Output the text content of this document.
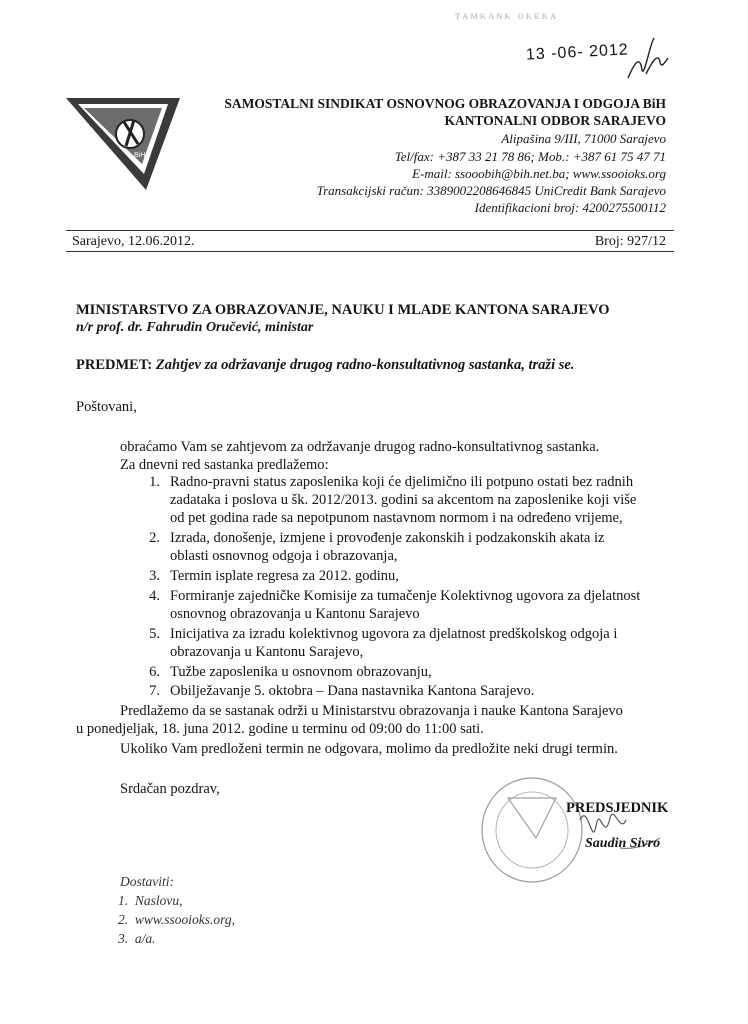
ᴛᴀᴍᴋᴀɴᴋ ᴏᴋᴇᴋᴀ
13 -06- 2012
BiH
SAMOSTALNI SINDIKAT OSNOVNOG OBRAZOVANJA I ODGOJA BiH
KANTONALNI ODBOR SARAJEVO
Alipašina 9/III, 71000 Sarajevo
Tel/fax: +387 33 21 78 86; Mob.: +387 61 75 47 71
E-mail: ssooobih@bih.net.ba; www.ssooioks.org
Transakcijski račun: 3389002208646845 UniCredit Bank Sarajevo
Identifikacioni broj: 4200275500112
Sarajevo, 12.06.2012.	Broj: 927/12
MINISTARSTVO ZA OBRAZOVANJE, NAUKU I MLADE KANTONA SARAJEVO
n/r prof. dr. Fahrudin Oručević, ministar
PREDMET: Zahtjev za održavanje drugog radno-konsultativnog sastanka, traži se.
Poštovani,
obraćamo Vam se zahtjevom za održavanje drugog radno-konsultativnog sastanka.
Za dnevni red sastanka predlažemo:
1. Radno-pravni status zaposlenika koji će djelimično ili potpuno ostati bez radnih
zadataka i poslova u šk. 2012/2013. godini sa akcentom na zaposlenike koji više
od pet godina rade sa nepotpunom nastavnom normom i na određeno vrijeme,
2. Izrada, donošenje, izmjene i provođenje zakonskih i podzakonskih akata iz
oblasti osnovnog odgoja i obrazovanja,
3. Termin isplate regresa za 2012. godinu,
4. Formiranje zajedničke Komisije za tumačenje Kolektivnog ugovora za djelatnost
osnovnog obrazovanja u Kantonu Sarajevo
5. Inicijativa za izradu kolektivnog ugovora za djelatnost predškolskog odgoja i
obrazovanja u Kantonu Sarajevo,
6. Tužbe zaposlenika u osnovnom obrazovanju,
7. Obilježavanje 5. oktobra – Dana nastavnika Kantona Sarajevo.
Predlažemo da se sastanak održi u Ministarstvu obrazovanja i nauke Kantona Sarajevo
u ponedjeljak, 18. juna 2012. godine u terminu od 09:00 do 11:00 sati.
Ukoliko Vam predloženi termin ne odgovara, molimo da predložite neki drugi termin.
Srdačan pozdrav,
PREDSJEDNIK
Saudin Sivro
Dostaviti:
1. Naslovu,
2. www.ssooioks.org,
3. a/a.
